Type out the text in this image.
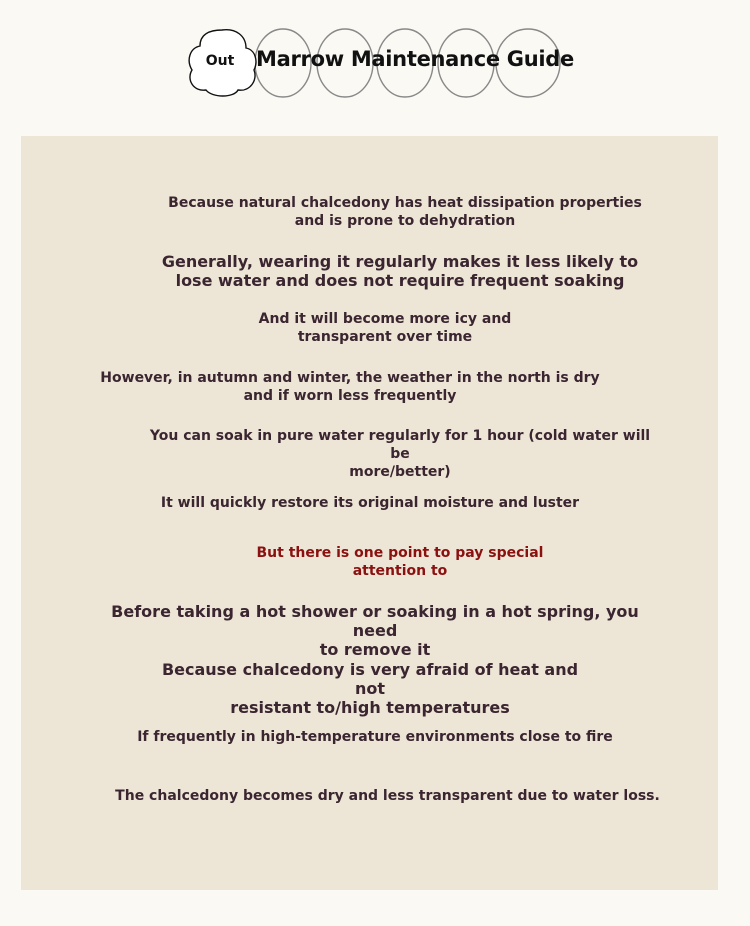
Out	Marrow Maintenance Guide
Because natural chalcedony has heat dissipation properties
and is prone to dehydration
Generally, wearing it regularly makes it less likely to
lose water and does not require frequent soaking
And it will become more icy and
transparent over time
However, in autumn and winter, the weather in the north is dry
and if worn less frequently
You can soak in pure water regularly for 1 hour (cold water will be
more/better)
It will quickly restore its original moisture and luster
But there is one point to pay special
attention to
Before taking a hot shower or soaking in a hot spring, you need
to remove it
Because chalcedony is very afraid of heat and not
resistant to/high temperatures
If frequently in high-temperature environments close to fire
The chalcedony becomes dry and less transparent due to water loss.
